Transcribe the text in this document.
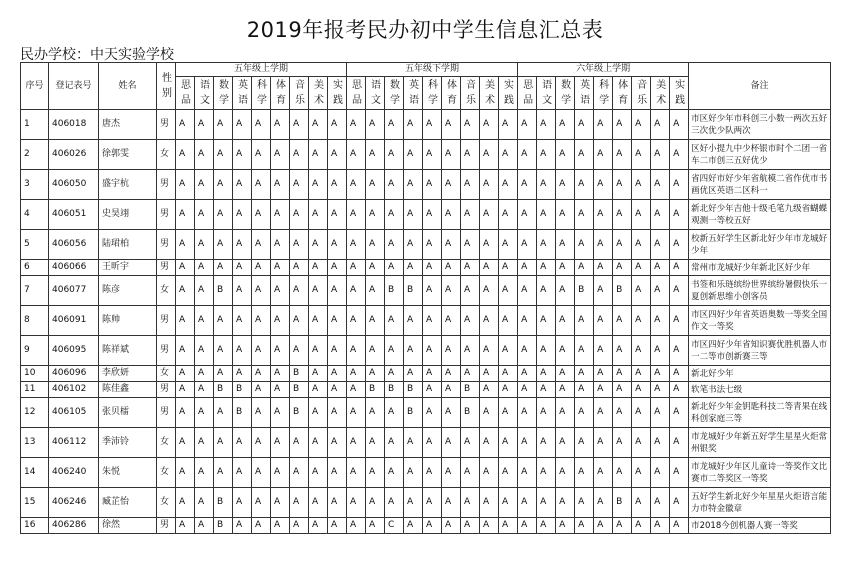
2019年报考民办初中学生信息汇总表
民办学校：中天实验学校
序号	登记表号	姓名	性别	五年级上学期									五年级下学期									六年级上学期									备注

				思品	语文	数学	英语	科学	体育	音乐	美术	实践	思品	语文	数学	英语	科学	体育	音乐	美术	实践	思品	语文	数学	英语	科学	体育	音乐	美术	实践	

1	406018	唐杰	男	A	A	A	A	A	A	A	A	A	A	A	A	A	A	A	A	A	A	A	A	A	A	A	A	A	A	A	市区好少年市科创三小数一两次五好三次优少队两次
2	406026	徐郭雯	女	A	A	A	A	A	A	A	A	A	A	A	A	A	A	A	A	A	A	A	A	A	A	A	A	A	A	A	区好小提九中少杯银市时个二团一省车二市创三五好优少
3	406050	盛宇杭	男	A	A	A	A	A	A	A	A	A	A	A	A	A	A	A	A	A	A	A	A	A	A	A	A	A	A	A	省四好市好少年省航模二省作优市书画优区英语二区科一
4	406051	史昊翊	男	A	A	A	A	A	A	A	A	A	A	A	A	A	A	A	A	A	A	A	A	A	A	A	A	A	A	A	新北好少年吉他十级毛笔九级省蝴蝶观测一等校五好
5	406056	陆珺柏	男	A	A	A	A	A	A	A	A	A	A	A	A	A	A	A	A	A	A	A	A	A	A	A	A	A	A	A	校新五好学生区新北好少年市龙城好少年
6	406066	王昕宇	男	A	A	A	A	A	A	A	A	A	A	A	A	A	A	A	A	A	A	A	A	A	A	A	A	A	A	A	常州市龙城好少年新北区好少年
7	406077	陈彦	女	A	A	B	A	A	A	A	A	A	A	A	B	B	A	A	A	A	A	A	A	A	B	A	B	A	A	A	书签和乐琏缤纷世界缤纷暑假快乐一夏创新思维小创客员
8	406091	陈帅	男	A	A	A	A	A	A	A	A	A	A	A	A	A	A	A	A	A	A	A	A	A	A	A	A	A	A	A	市区四好少年省英语奥数一等奖全国作文一等奖
9	406095	陈祥斌	男	A	A	A	A	A	A	A	A	A	A	A	A	A	A	A	A	A	A	A	A	A	A	A	A	A	A	A	市区四好少年省知识赛优胜机器人市一二等市创新赛三等
10	406096	李欣妍	女	A	A	A	A	A	A	B	A	A	A	A	A	A	A	A	A	A	A	A	A	A	A	A	A	A	A	A	新北好少年
11	406102	陈佳鑫	男	A	A	B	B	A	A	B	A	A	A	B	B	B	A	A	B	A	A	A	A	A	A	A	A	A	A	A	软笔书法七级
12	406105	张贝檑	男	A	A	A	B	A	A	B	A	A	A	A	A	B	A	A	B	A	A	A	A	A	A	A	A	A	A	A	新北好少年金钥匙科技二等青果在线科创家庭三等
13	406112	季沛铃	女	A	A	A	A	A	A	A	A	A	A	A	A	A	A	A	A	A	A	A	A	A	A	A	A	A	A	A	市龙城好少年新五好学生星星火炬常州银奖
14	406240	朱悦	女	A	A	A	A	A	A	A	A	A	A	A	A	A	A	A	A	A	A	A	A	A	A	A	A	A	A	A	市龙城好少年区儿童诗一等奖作文比赛市二等奖区一等奖
15	406246	臧芷怡	女	A	A	B	A	A	A	A	A	A	A	A	A	A	A	A	A	A	A	A	A	A	A	A	B	A	A	A	五好学生新北好少年星星火炬语言能力市特金徽章
16	406286	徐然	男	A	A	B	A	A	A	A	A	A	A	A	C	A	A	A	A	A	A	A	A	A	A	A	A	A	A	A	市2018今创机器人赛一等奖
